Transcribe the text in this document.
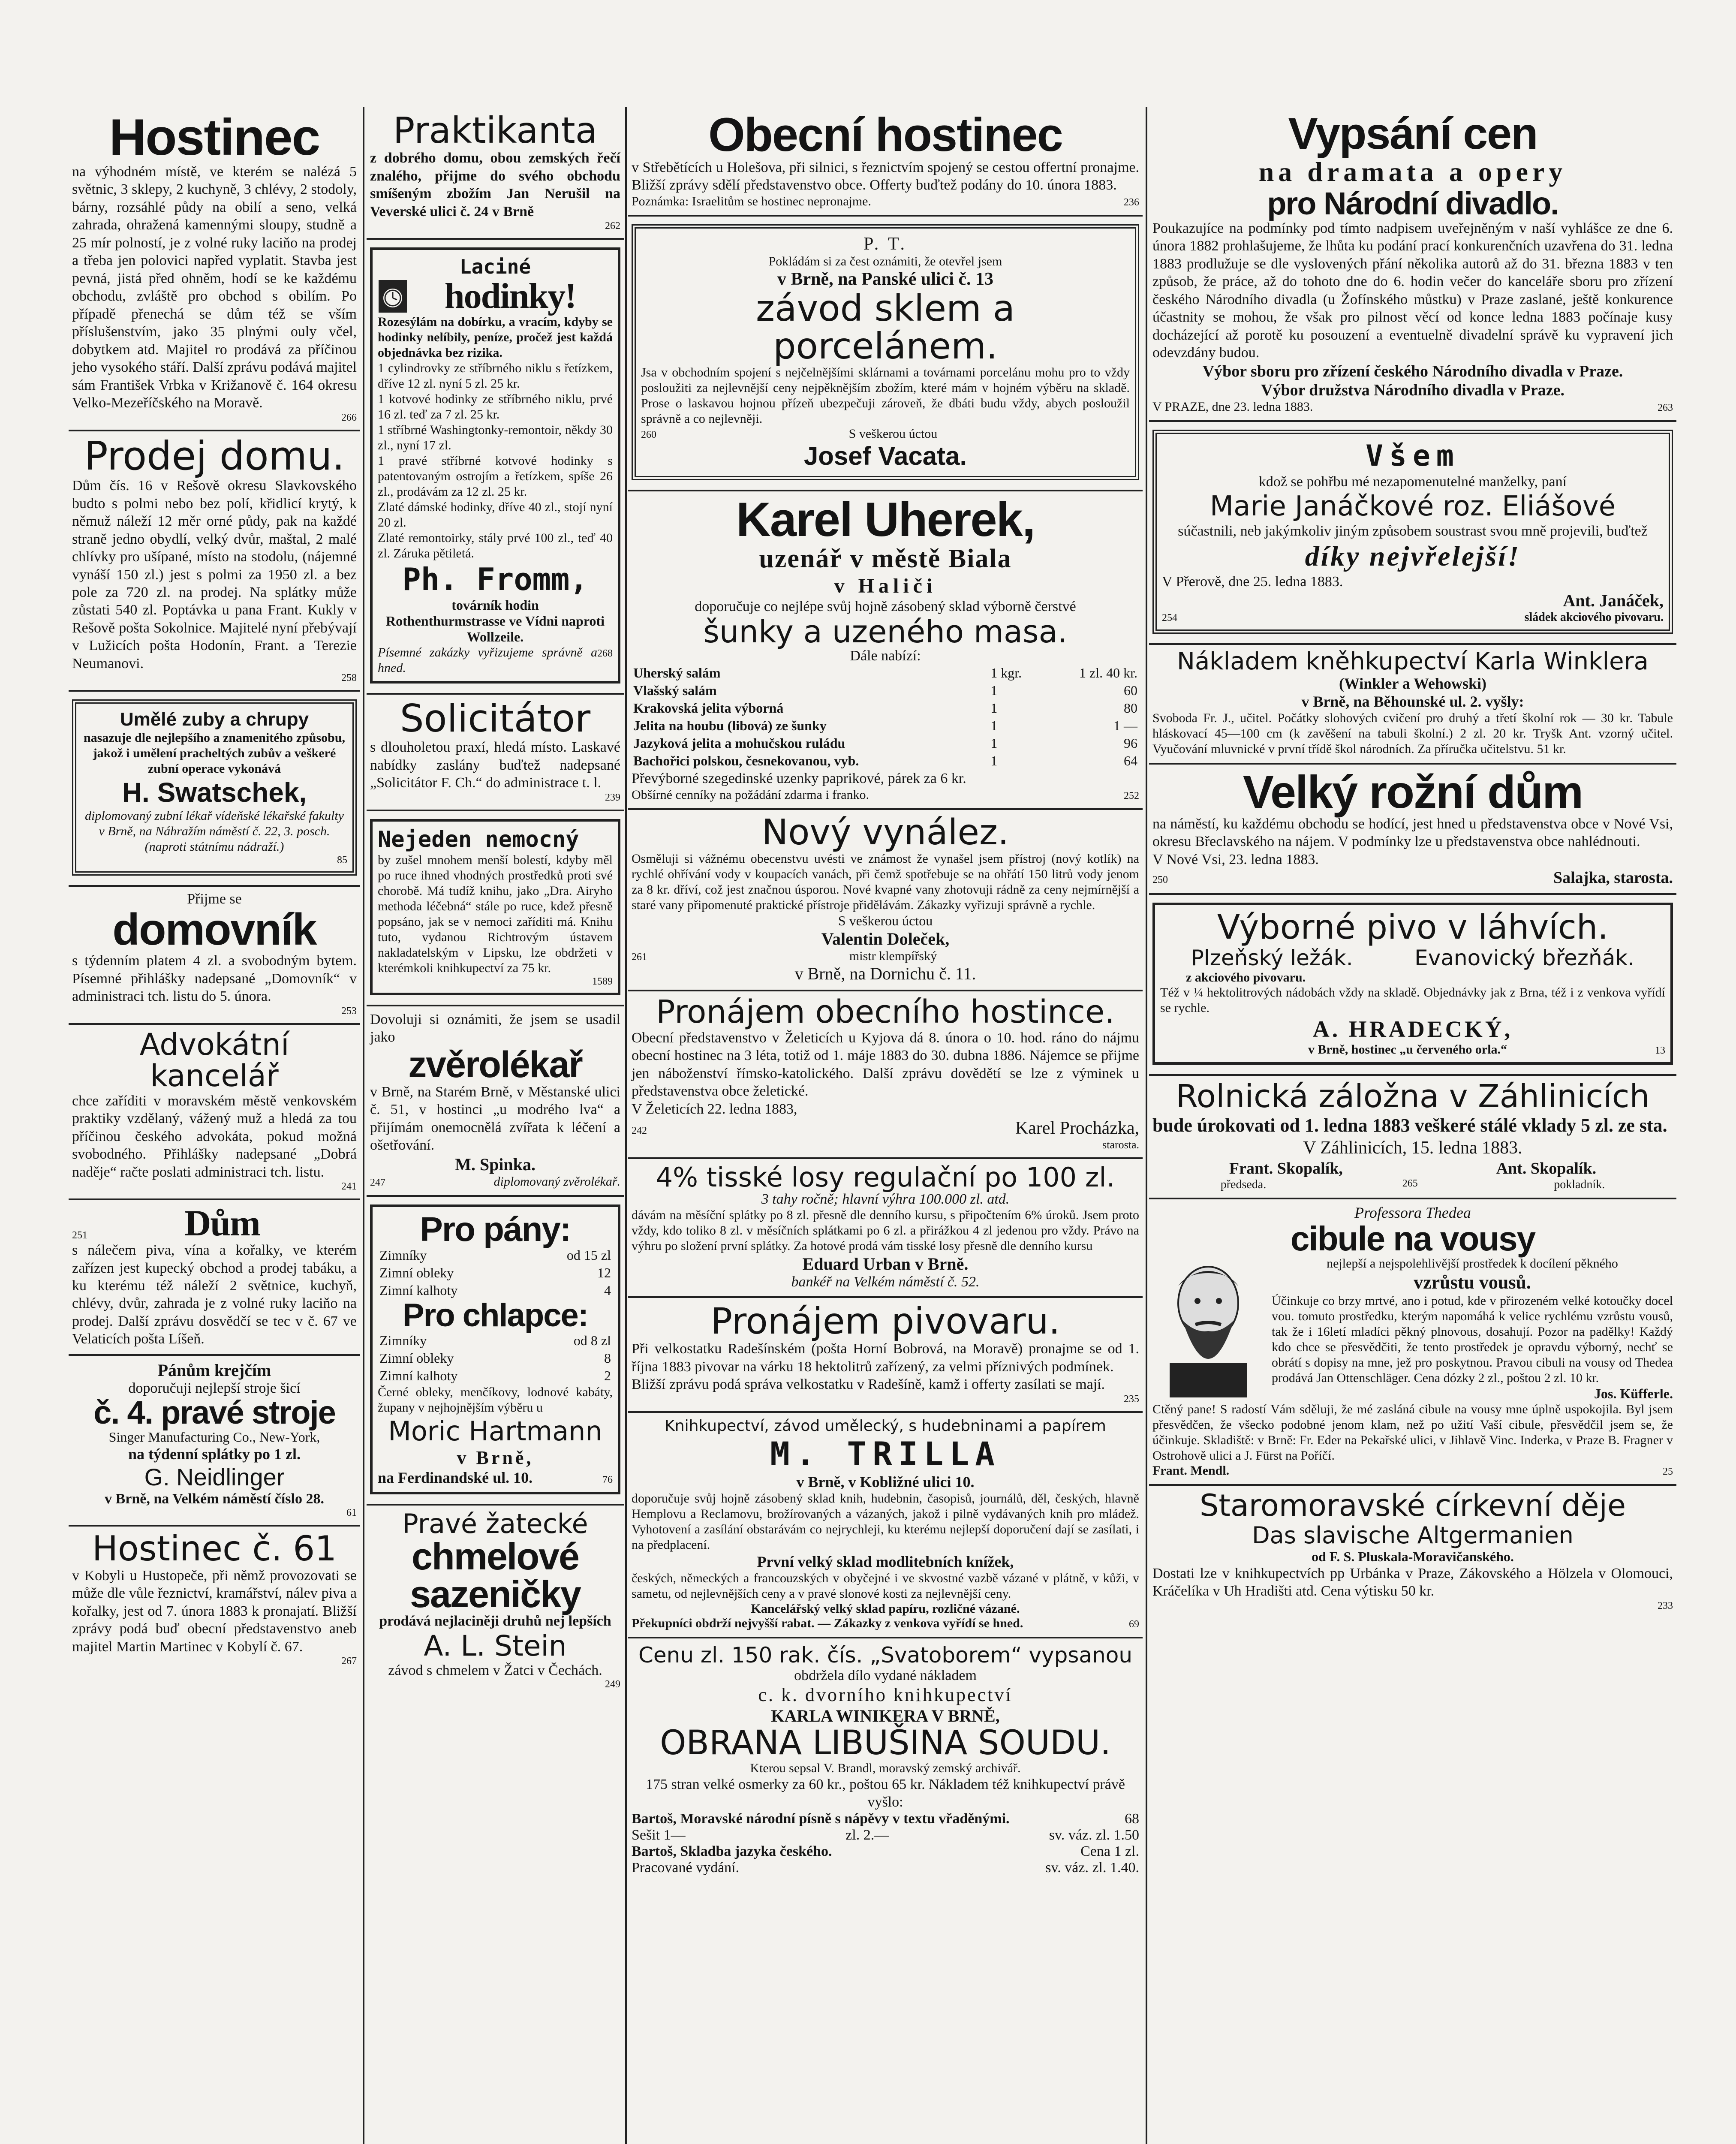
Hostinec
na výhodném místě, ve kterém se nalézá 5 světnic, 3 sklepy, 2 kuchyně, 3 chlévy, 2 stodoly, bárny, rozsáhlé půdy na obilí a seno, velká zahrada, ohražená kamennými sloupy, studně a 25 mír polností, je z volné ruky laciňo na prodej a třeba jen polovici napřed vyplatit. Stavba jest pevná, jistá před ohněm, hodí se ke každému obchodu, zvláště pro obchod s obilím. Po případě přenechá se dům též se vším příslušenstvím, jako 35 plnými ouly včel, dobytkem atd. Majitel ro prodává za příčinou jeho vysokého stáří. Další zprávu podává majitel sám František Vrbka v Križanově č. 164 okresu Velko-Mezeříčského na Moravě.
266
Prodej domu.
Dům čís. 16 v Rešově okresu Slavkovského budto s polmi nebo bez polí, křidlicí krytý, k němuž náleží 12 měr orné půdy, pak na každé straně jedno obydlí, velký dvůr, maštal, 2 malé chlívky pro ušípané, místo na stodolu, (nájemné vynáší 150 zl.) jest s polmi za 1950 zl. a bez pole za 720 zl. na prodej. Na splátky může zůstati 540 zl. Poptávka u pana Frant. Kukly v Rešově pošta Sokolnice. Majitelé nyní přebývají v Lužicích pošta Hodonín, Frant. a Terezie Neumanovi.
258
Umělé zuby a chrupy
nasazuje dle nejlepšího a znamenitého způsobu, jakož i umělení pracheltých zubův a veškeré zubní operace vykonává
H. Swatschek,
diplomovaný zubní lékař vídeňské lékařské fakulty v Brně, na Náhražím náměstí č. 22, 3. posch. (naproti státnímu nádraží.)
85
Přijme se
domovník
s týdenním platem 4 zl. a svobodným bytem. Písemné přihlášky nadepsané „Domovník“ v administraci tch. listu do 5. února.
253
Advokátní kancelář
chce zaříditi v moravském městě venkovském praktiky vzdělaný, vážený muž a hledá za tou příčinou českého advokáta, pokud možná svobodného. Přihlášky nadepsané „Dobrá naděje“ račte poslati administraci tch. listu.
241
251	Dům
s nálečem piva, vína a kořalky, ve kterém zařízen jest kupecký obchod a prodej tabáku, a ku kterému též náleží 2 světnice, kuchyň, chlévy, dvůr, zahrada je z volné ruky laciňo na prodej. Další zprávu dosvědčí se tec v č. 67 ve Velaticích pošta Líšeň.
Pánům krejčím
doporučuji nejlepší stroje šicí
č. 4. pravé stroje
Singer Manufacturing Co., New-York,
na týdenní splátky po 1 zl.
G. Neidlinger
v Brně, na Velkém náměstí číslo 28.
61
Hostinec č. 61
v Kobyli u Hustopeče, při němž provozovati se může dle vůle řeznictví, kramářství, nálev piva a kořalky, jest od 7. února 1883 k pronajatí. Bližší zprávy podá buď obecní představenstvo aneb majitel Martin Martinec v Kobylí č. 67.
267
Praktikanta
z dobrého domu, obou zemských řečí znalého, přijme do svého obchodu smíšeným zbožím Jan Nerušil na Veverské ulici č. 24 v Brně
262
Laciné
hodinky!
Rozesýlám na dobírku, a vracím, kdyby se hodinky nelíbily, peníze, pročež jest každá objednávka bez rizika.
1 cylindrovky ze stříbrného niklu s řetízkem, dříve 12 zl. nyní 5 zl. 25 kr.
1 kotvové hodinky ze stříbrného niklu, prvé 16 zl. teď za 7 zl. 25 kr.
1 stříbrné Washingtonky-remontoir, někdy 30 zl., nyní 17 zl.
1 pravé stříbrné kotvové hodinky s patentovaným ostrojím a řetízkem, spíše 26 zl., prodávám za 12 zl. 25 kr.
Zlaté dámské hodinky, dříve 40 zl., stojí nyní 20 zl.
Zlaté remontoirky, stály prvé 100 zl., teď 40 zl. Záruka pětiletá.
Ph. Fromm,
továrník hodin
Rothenthurmstrasse ve Vídni naproti Wollzeile.
Písemné zakázky vyřizujeme správně a hned.
268
Solicitátor
s dlouholetou praxí, hledá místo. Laskavé nabídky zaslány buďtež nadepsané „Solicitátor F. Ch.“ do administrace t. l.
239
Nejeden nemocný
by zušel mnohem menší bolestí, kdyby měl po ruce ihned vhodných prostředků proti své chorobě. Má tudíž knihu, jako „Dra. Airyho methoda léčebná“ stále po ruce, kdež přesně popsáno, jak se v nemoci zaříditi má. Knihu tuto, vydanou Richtrovým ústavem nakladatelským v Lipsku, lze obdržeti v kterémkoli knihkupectví za 75 kr.
1589
Dovoluji si oznámiti, že jsem se usadil jako
zvěrolékař
v Brně, na Starém Brně, v Městanské ulici č. 51, v hostinci „u modrého lva“ a přijímám onemocnělá zvířata k léčení a ošetřování.
M. Spinka.
247	diplomovaný zvěrolékař.
Pro pány:
Zimníky	od 15 zl
Zimní obleky	12
Zimní kalhoty	4
Pro chlapce:
Zimníky	od 8 zl
Zimní obleky	8
Zimní kalhoty	2
Černé obleky, menčíkovy, lodnové kabáty, župany v nejhojnějším výběru u
Moric Hartmann
v Brně,
na Ferdinandské ul. 10.	76
Pravé žatecké
chmelové
sazeničky
prodává nejlaciněji druhů nej lepších
A. L. Stein
závod s chmelem v Žatci v Čechách.
249
Obecní hostinec
v Střebětících u Holešova, při silnici, s řeznictvím spojený se cestou offertní pronajme. Bližší zprávy sdělí představenstvo obce. Offerty buďtež podány do 10. února 1883.
Poznámka: Israelitům se hostinec nepronajme.	236
P. T.
Pokládám si za čest oznámiti, že otevřel jsem
v Brně, na Panské ulici č. 13
závod sklem a porcelánem.
Jsa v obchodním spojení s nejčelnějšími sklárnami a továrnami porcelánu mohu pro to vždy posloužiti za nejlevnější ceny nejpěknějším zbožím, které mám v hojném výběru na skladě. Prose o laskavou hojnou přízeň ubezpečuji zároveň, že dbáti budu vždy, abych posloužil správně a co nejlevněji.
260	S veškerou úctou
Josef Vacata.
Karel Uherek,
uzenář v městě Biala
v Haliči
doporučuje co nejlépe svůj hojně zásobený sklad výborně čerstvé
šunky a uzeného masa.
Dále nabízí:
Uherský salám	1 kgr.	1 zl. 40 kr.
Vlašský salám	1	60
Krakovská jelita výborná	1	80
Jelita na houbu (libová) ze šunky	1	1 —
Jazyková jelita a mohučskou ruládu	1	96
Bachořici polskou, česnekovanou, vyb.	1	64
Převýborné szegedinské uzenky paprikové, párek za 6 kr.
Obšírné cenníky na požádání zdarma i franko.	252
Nový vynález.
Osměluji si vážnému obecenstvu uvésti ve známost že vynašel jsem přístroj (nový kotlík) na rychlé ohřívání vody v koupacích vanách, při čemž spotřebuje se na ohřátí 150 litrů vody jenom za 8 kr. dříví, což jest značnou úsporou. Nové kvapné vany zhotovuji rádně za ceny nejmírnější a staré vany připomenuté praktické přístroje přidělávám. Zákazky vyřizuji správně a rychle.
S veškerou úctou
Valentin Doleček,
261	mistr klempířský
v Brně, na Dornichu č. 11.
Pronájem obecního hostince.
Obecní představenstvo v Želeticích u Kyjova dá 8. února o 10. hod. ráno do nájmu obecní hostinec na 3 léta, totiž od 1. máje 1883 do 30. dubna 1886. Nájemce se přijme jen náboženství římsko-katolického. Další zprávu dovědětí se lze z výminek u představenstva obce želetické.
V Želeticích 22. ledna 1883,
242	Karel Procházka,
starosta.
4% tisské losy regulační po 100 zl.
3 tahy ročně; hlavní výhra 100.000 zl. atd.
dávám na měsíční splátky po 8 zl. přesně dle denního kursu, s připočtením 6% úroků. Jsem proto vždy, kdo toliko 8 zl. v měsíčních splátkami po 6 zl. a přirážkou 4 zl jedenou pro vždy. Právo na výhru po složení první splátky. Za hotové prodá vám tisské losy přesně dle denního kursu
Eduard Urban v Brně.
bankéř na Velkém náměstí č. 52.
Pronájem pivovaru.
Při velkostatku Radešínském (pošta Horní Bobrová, na Moravě) pronajme se od 1. října 1883 pivovar na várku 18 hektolitrů zařízený, za velmi příznivých podmínek.
Bližší zprávu podá správa velkostatku v Radešíně, kamž i offerty zasílati se mají.
235
Knihkupectví, závod umělecký, s hudebninami a papírem
M. TRILLA
v Brně, v Kobližné ulici 10.
doporučuje svůj hojně zásobený sklad knih, hudebnin, časopisů, journálů, děl, českých, hlavně Hemplovu a Reclamovu, brožírovaných a vázaných, jakož i pilně vydávaných knih pro mládež. Vyhotovení a zasílání obstarávám co nejrychleji, ku kterému nejlepší doporučení dají se zasílati, i na předplacení.
První velký sklad modlitebních knížek,
českých, německých a francouzských v obyčejné i ve skvostné vazbě vázané v plátně, v kůži, v sametu, od nejlevnějších ceny a v pravé slonové kosti za nejlevnější ceny.
Kancelářský velký sklad papíru, rozličné vázané.
Překupníci obdrží nejvyšší rabat. — Zákazky z venkova vyřídí se hned.	69
Cenu zl. 150 rak. čís. „Svatoborem“ vypsanou
obdržela dílo vydané nákladem
c. k. dvorního knihkupectví
KARLA WINIKERA V BRNĚ,
OBRANA LIBUŠINA SOUDU.
Kterou sepsal V. Brandl, moravský zemský archivář.
175 stran velké osmerky za 60 kr., poštou 65 kr. Nákladem též knihkupectví právě vyšlo:
Bartoš, Moravské národní písně s nápěvy v textu vřaděnými.	68
Sešit 1—	zl. 2.—	sv. váz. zl. 1.50
Bartoš, Skladba jazyka českého.	Cena 1 zl.
Pracované vydání.	sv. váz. zl. 1.40.
Vypsání cen
na dramata a opery
pro Národní divadlo.
Poukazujíce na podmínky pod tímto nadpisem uveřejněným v naší vyhlášce ze dne 6. února 1882 prohlašujeme, že lhůta ku podání prací konkurenčních uzavřena do 31. ledna 1883 prodlužuje se dle vyslovených přání několika autorů až do 31. března 1883 v ten způsob, že práce, až do tohoto dne do 6. hodin večer do kanceláře sboru pro zřízení českého Národního divadla (u Žofínského můstku) v Praze zaslané, ještě konkurence účastnity se mohou, že však pro pilnost věcí od konce ledna 1883 počínaje kusy docházející až porotě ku posouzení a eventuelně divadelní správě ku vypravení jich odevzdány budou.
Výbor sboru pro zřízení českého Národního divadla v Praze.
Výbor družstva Národního divadla v Praze.
V PRAZE, dne 23. ledna 1883.	263
Všem
kdož se pohřbu mé nezapomenutelné manželky, paní
Marie Janáčkové roz. Eliášové
súčastnili, neb jakýmkoliv jiným způsobem soustrast svou mně projevili, buďtež
díky nejvřelejší!
V Přerově, dne 25. ledna 1883.
Ant. Janáček,
254	sládek akciového pivovaru.
Nákladem kněhkupectví Karla Winklera
(Winkler a Wehowski)
v Brně, na Běhounské ul. 2. vyšly:
Svoboda Fr. J., učitel. Počátky slohových cvičení pro druhý a třetí školní rok — 30 kr. Tabule hláskovací 45—100 cm (k zavěšení na tabuli školní.) 2 zl. 20 kr. Tryšk Ant. vzorný učitel. Vyučování mluvnické v první třídě škol národních. Za příručka učitelstvu. 51 kr.
Velký rožní dům
na náměstí, ku každému obchodu se hodící, jest hned u představenstva obce v Nové Vsi, okresu Břeclavského na nájem. V podmínky lze u představenstva obce nahlédnouti.
V Nové Vsi, 23. ledna 1883.
250	Salajka, starosta.
Výborné pivo v láhvích.
Plzeňský ležák.	Evanovický březňák.
z akciového pivovaru.
Též v ¼ hektolitrových nádobách vždy na skladě. Objednávky jak z Brna, též i z venkova vyřídí se rychle.
A. HRADECKÝ,
v Brně, hostinec „u červeného orla.“	13
Rolnická záložna v Záhlinicích
bude úrokovati od 1. ledna 1883 veškeré stálé vklady 5 zl. ze sta.
V Záhlinicích, 15. ledna 1883.
Frant. Skopalík,	Ant. Skopalík.
předseda.	265	pokladník.
Professora Thedea
cibule na vousy
nejlepší a nejspolehlivější prostředek k docílení pěkného
vzrůstu vousů.
Účinkuje co brzy mrtvé, ano i potud, kde v přirozeném velké kotoučky docel vou. tomuto prostředku, kterým napomáhá k velice rychlému vzrůstu vousů, tak že i 16letí mladíci pěkný plnovous, dosahují. Pozor na padělky! Každý kdo chce se přesvědčiti, že tento prostředek je opravdu výborný, nechť se obrátí s dopisy na mne, jež pro poskytnou. Pravou cibuli na vousy od Thedea prodává Jan Ottenschläger. Cena dózky 2 zl., poštou 2 zl. 10 kr.
Jos. Küfferle.
Ctěný pane! S radostí Vám sděluji, že mé zasláná cibule na vousy mne úplně uspokojila. Byl jsem přesvědčen, že všecko podobné jenom klam, než po užití Vaší cibule, přesvědčil jsem se, že účinkuje. Skladiště: v Brně: Fr. Eder na Pekařské ulici, v Jihlavě Vinc. Inderka, v Praze B. Fragner v Ostrohově ulici a J. Fürst na Poříčí.
Frant. Mendl.	25
Staromoravské církevní děje
Das slavische Altgermanien
od F. S. Pluskala-Moravičanského.
Dostati lze v knihkupectvích pp Urbánka v Praze, Zákovského a Hölzela v Olomouci, Kráčelíka v Uh Hradišti atd. Cena výtisku 50 kr.
233
